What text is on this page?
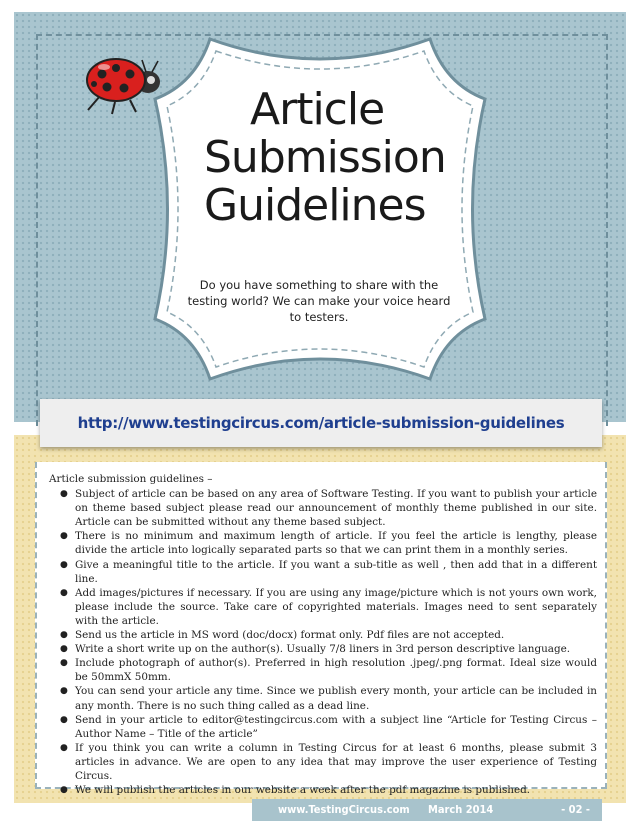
Article
Submission
Guidelines
Do you have something to share with the testing world? We can make your voice heard to testers.
http://www.testingcircus.com/article-submission-guidelines

Article submission guidelines –

● Subject of article can be based on any area of Software Testing. If you want to publish your article on theme based subject please read our announcement of monthly theme published in our site. Article can be submitted without any theme based subject.
● There is no minimum and maximum length of article. If you feel the article is lengthy, please divide the article into logically separated parts so that we can print them in a monthly series.
● Give a meaningful title to the article. If you want a sub-title as well , then add that in a different line.
● Add images/pictures if necessary. If you are using any image/picture which is not yours own work, please include the source. Take care of copyrighted materials. Images need to sent separately with the article.
● Send us the article in MS word (doc/docx) format only. Pdf files are not accepted.
● Write a short write up on the author(s). Usually 7/8 liners in 3rd person descriptive language.
● Include photograph of author(s). Preferred in high resolution .jpeg/.png format. Ideal size would be 50mmX 50mm.
● You can send your article any time. Since we publish every month, your article can be included in any month. There is no such thing called as a dead line.
● Send in your article to editor@testingcircus.com with a subject line “Article for Testing Circus – Author Name – Title of the article”
● If you think you can write a column in Testing Circus for at least 6 months, please submit 3 articles in advance. We are open to any idea that may improve the user experience of Testing Circus.
● We will publish the articles in our website a week after the pdf magazine is published.
www.TestingCircus.com March 2014	- 02 -
